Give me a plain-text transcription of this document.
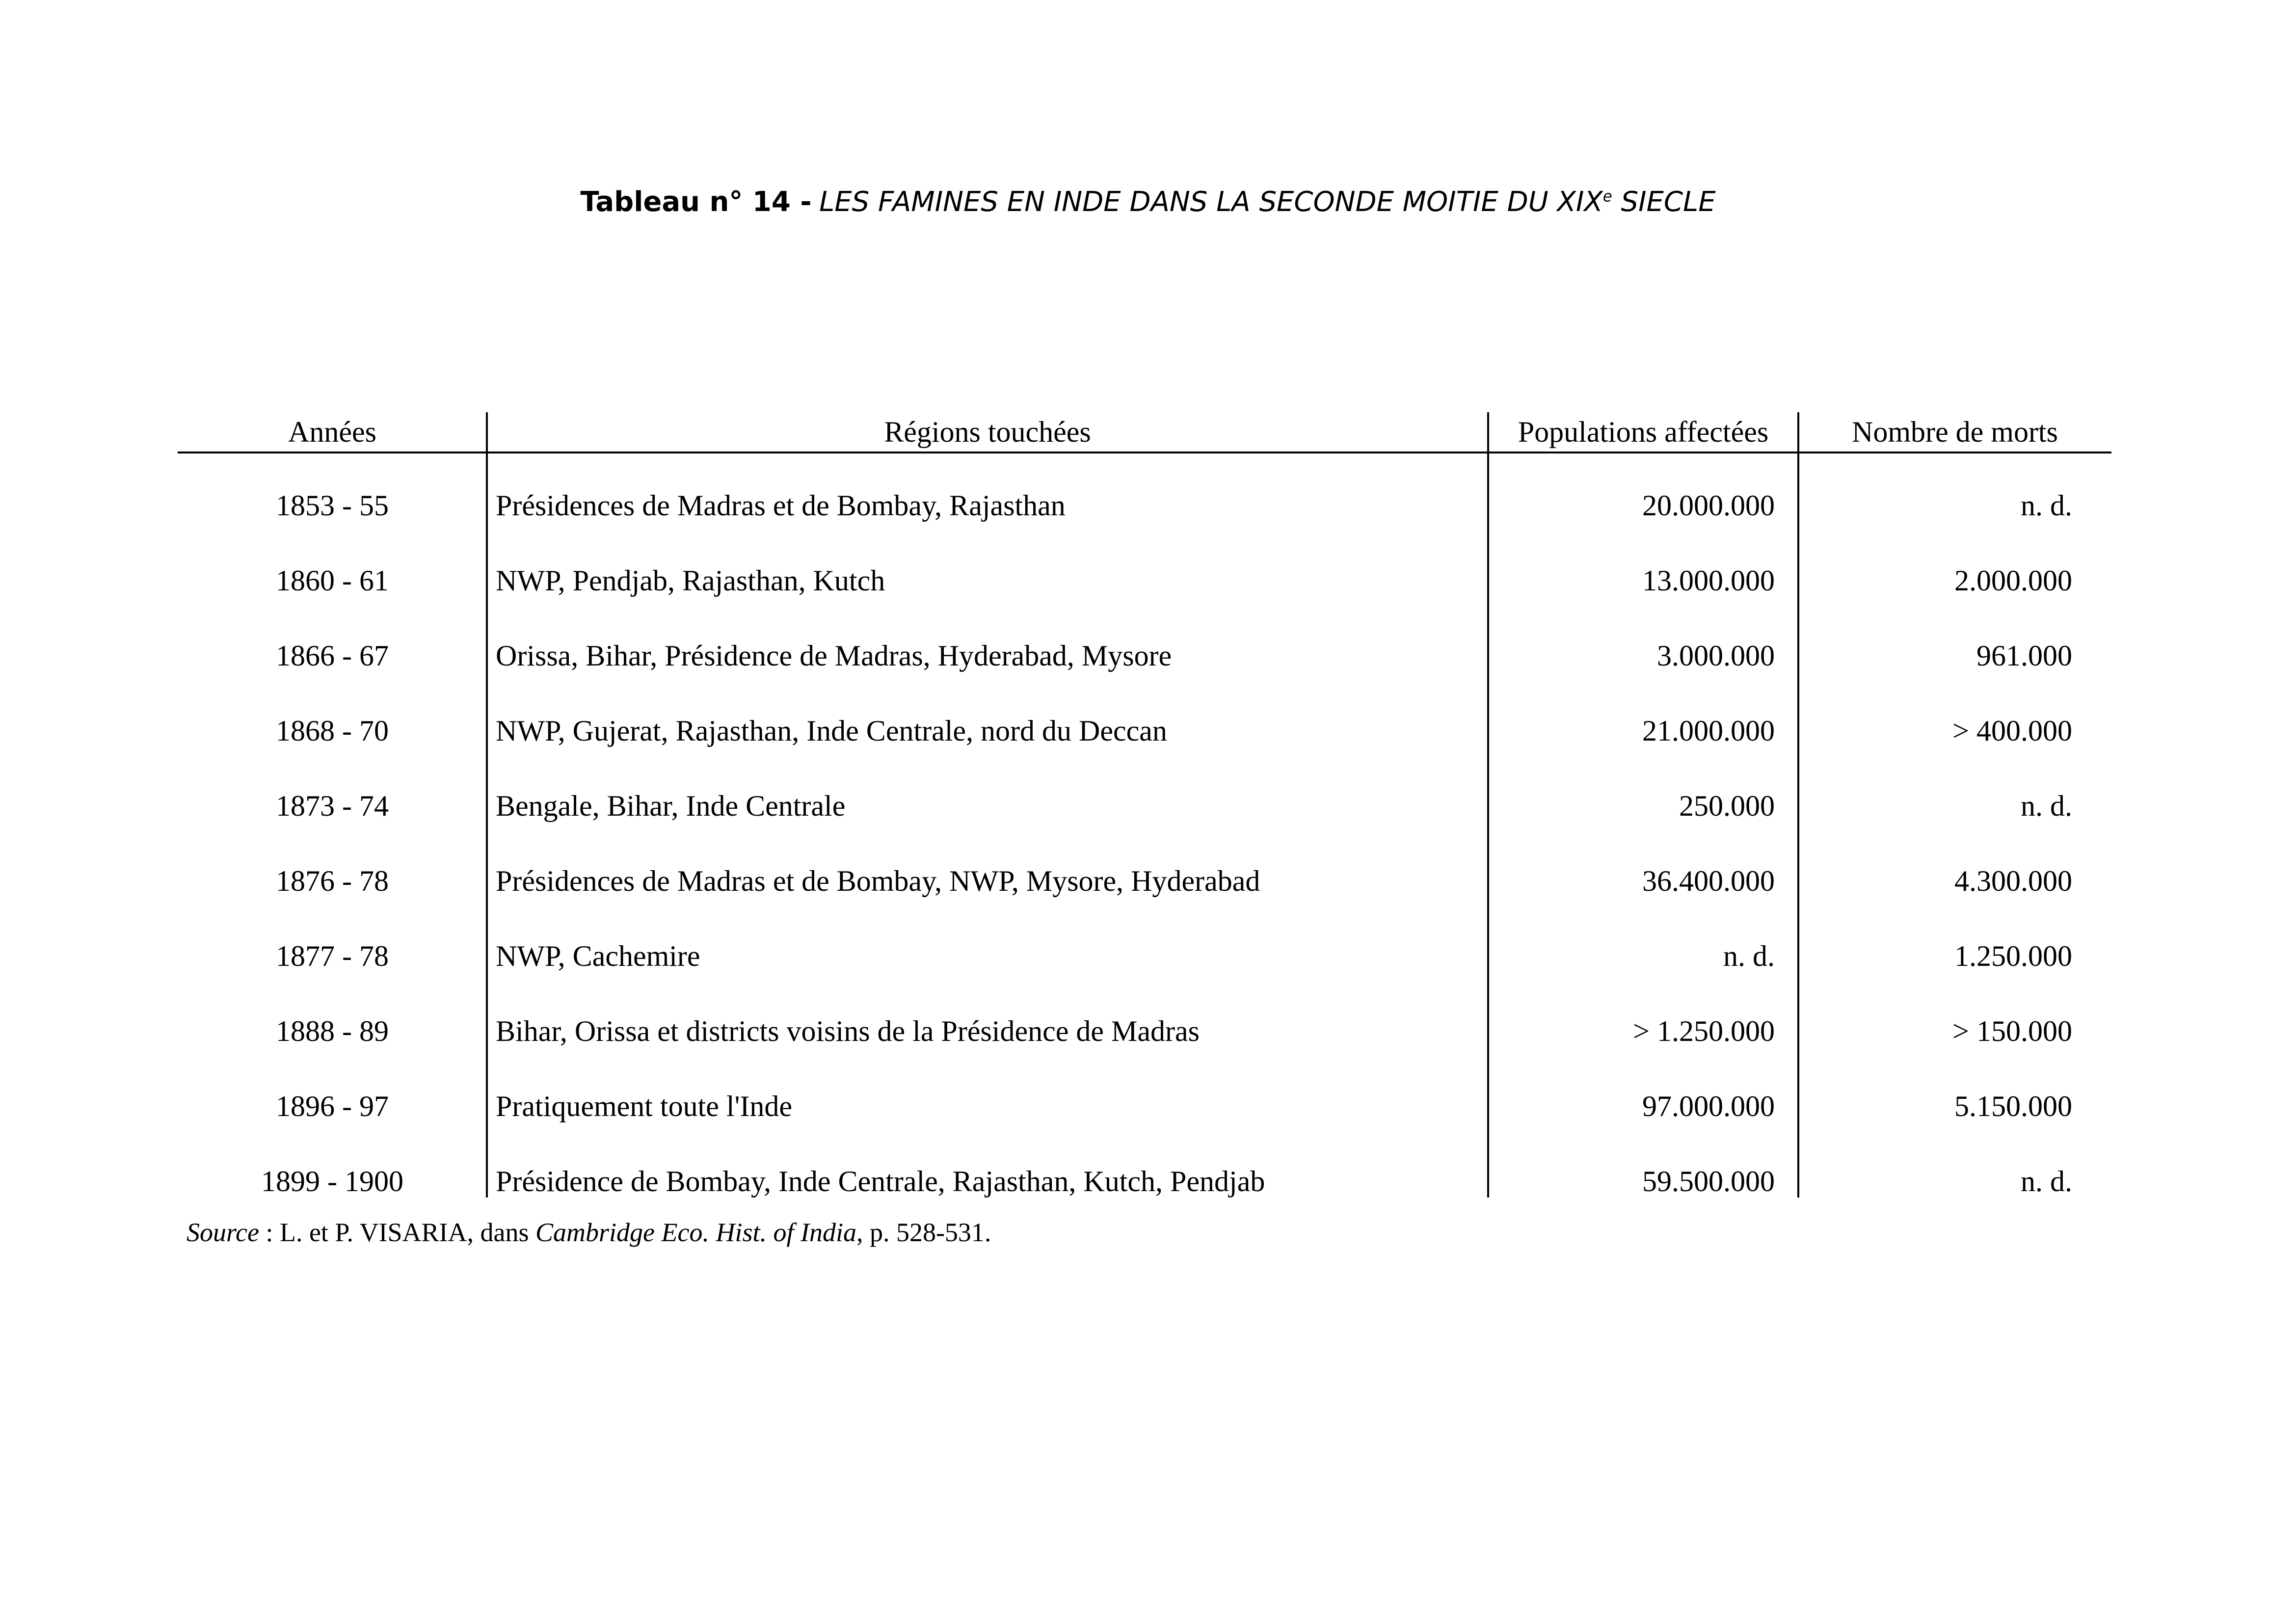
Tableau n° 14 - LES FAMINES EN INDE DANS LA SECONDE MOITIE DU XIXe SIECLE
Années	Régions touchées	Populations affectées	Nombre de morts
1853 - 55	Présidences de Madras et de Bombay, Rajasthan	20.000.000	n. d.
1860 - 61	NWP, Pendjab, Rajasthan, Kutch	13.000.000	2.000.000
1866 - 67	Orissa, Bihar, Présidence de Madras, Hyderabad, Mysore	3.000.000	961.000
1868 - 70	NWP, Gujerat, Rajasthan, Inde Centrale, nord du Deccan	21.000.000	> 400.000
1873 - 74	Bengale, Bihar, Inde Centrale	250.000	n. d.
1876 - 78	Présidences de Madras et de Bombay, NWP, Mysore, Hyderabad	36.400.000	4.300.000
1877 - 78	NWP, Cachemire	n. d.	1.250.000
1888 - 89	Bihar, Orissa et districts voisins de la Présidence de Madras	> 1.250.000	> 150.000
1896 - 97	Pratiquement toute l'Inde	97.000.000	5.150.000
1899 - 1900	Présidence de Bombay, Inde Centrale, Rajasthan, Kutch, Pendjab	59.500.000	n. d.
Source : L. et P. VISARIA, dans Cambridge Eco. Hist. of India, p. 528-531.
